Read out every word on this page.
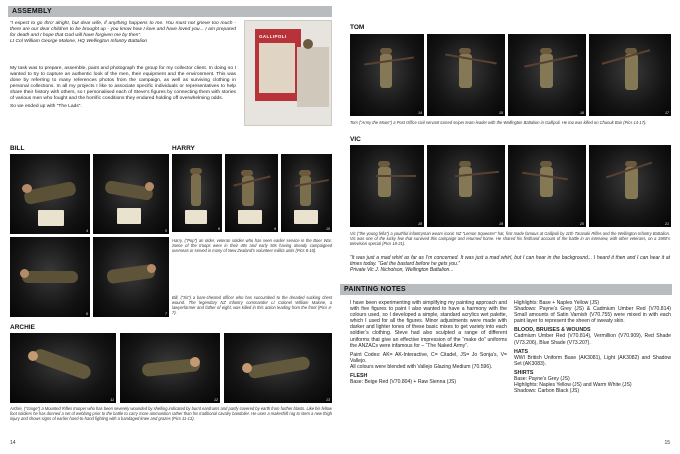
ASSEMBLY

“I expect to go thro’ alright, but dear wife, if anything happens to me. You must not grieve too much - there are our dear children to be brought up - you know how I love and have loved you... I am prepared for death and I hope that God will have forgiven me by then”.

Lt Col William George Malone, HQ Wellington Infantry Battalion

My task was to prepare, assemble, paint and photograph the group for my collector client. In doing so I wanted to try to capture an authentic look of the men, their equipment and the environment. This was done by referring to many references photos from the campaign, as well as surviving clothing in personal collections. In all my projects I like to associate specific individuals or representatives to help share their history with others, so I personalised each of Steve’s figures by connecting them with stories of various men who fought and the horrific conditions they endured holding off overwhelming odds.

So we ended up with “The Lads”.

GALLIPOLI
BILL	HARRY
4	5
6	7
8	9	10
Harry, (“Pop”) an older, veteran soldier who has seen earlier service in the Boer War. Some of the troops were in their 40s and early 50s having already campaigned overseas or served in many of New Zealand’s volunteer militia units (Pics 8-10).
Bill, (“Sir”) a bare-chested officer who has succumbed to the dreaded sucking chest wound. The legendary NZ Infantry commander Lt Colonel William Malone, a lawyerfarmer and father of eight, was killed in this action leading from the front (Pics 4-7).
ARCHIE
11	12	13
Archie, (“Ginge”) a Mounted Rifles trooper who has been severely wounded by shelling indicated by burnt eardrums and partly covered by earth from further blasts. Like his fellow foot soldiers he has donned a set of webbing prior to the battle to carry more ammunition rather than his traditional cavalry bandolier. He uses a makeshift rag to stem a new thigh injury and shows signs of earlier hand-to-hand fighting with a bandaged knee and grazes (Pics 11-13).
14
TOM
14	15	16	17
Tom (“Army the Moon”) a Post Office civil servant turned sniper team leader with the Wellington Battalion in Gallipoli. He too was killed on Chunuk Bair (Pics 14-17).
VIC
18	19	20	21
Vic (“the young fella”) a youthful infantryman wears iconic NZ “Lemon Squeezer” hat, first made famous at Gallipoli by 11th Taranaki Rifles and the Wellington Infantry Battalion. Vic was one of the lucky few that survived this campaign and returned home. He shared his firsthand account of the battle in an interview, with other veterans, on a 1980’s television special (Pics 18-21).

“It was just a mad whirl as far as I’m concerned. It was just a mad whirl, but I can hear in the background... I heard it then and I can hear it at times today. “Get the bastard before he gets you.”

Private Vic J. Nicholson, Wellington Battalion...

PAINTING NOTES

I have been experimenting with simplifying my painting approach and with five figures to paint I also wanted to have a harmony with the colours used, so I developed a simple, standard acrylics wet palette, which I used for all the figures. Minor adjustments were made with darker and lighter tones of these basic mixes to get variety into each soldier’s clothing. Steve had also sculpted a range of different uniforms that give an effective impression of the “make do” uniforms the ANZACs were infamous for – “The Naked Army”.

Paint Codes: AK= AK-Interactive, C= Citadel, JS= Jo Sonja’s, V= Vallejo.

All colours were blended with Vallejo Glazing Medium (70.596).

FLESH
Base: Beige Red (V70.804) + Raw Sienna (JS)
Highlights: Base + Naples Yellow (JS)

Shadows: Payne’s Grey (JS) & Cadmium Umber Red (V70.814) Small amounts of Satin Varnish (V70.755) were mixed in with each paint layer to represent the sheen of sweaty skin.

BLOOD, BRUISES & WOUNDS

Cadmium Umber Red (V70.814), Vermillion (V70.909), Red Shade (V73.206), Blue Shade (V73.207).

HATS

WWI British Uniform Base (AK3081), Light (AK3082) and Shadow Set (AK3083).

SHIRTS
Base: Payne’s Grey (JS)
Highlights: Naples Yellow (JS) and Warm White (JS)
Shadows: Carbon Black (JS)
15
